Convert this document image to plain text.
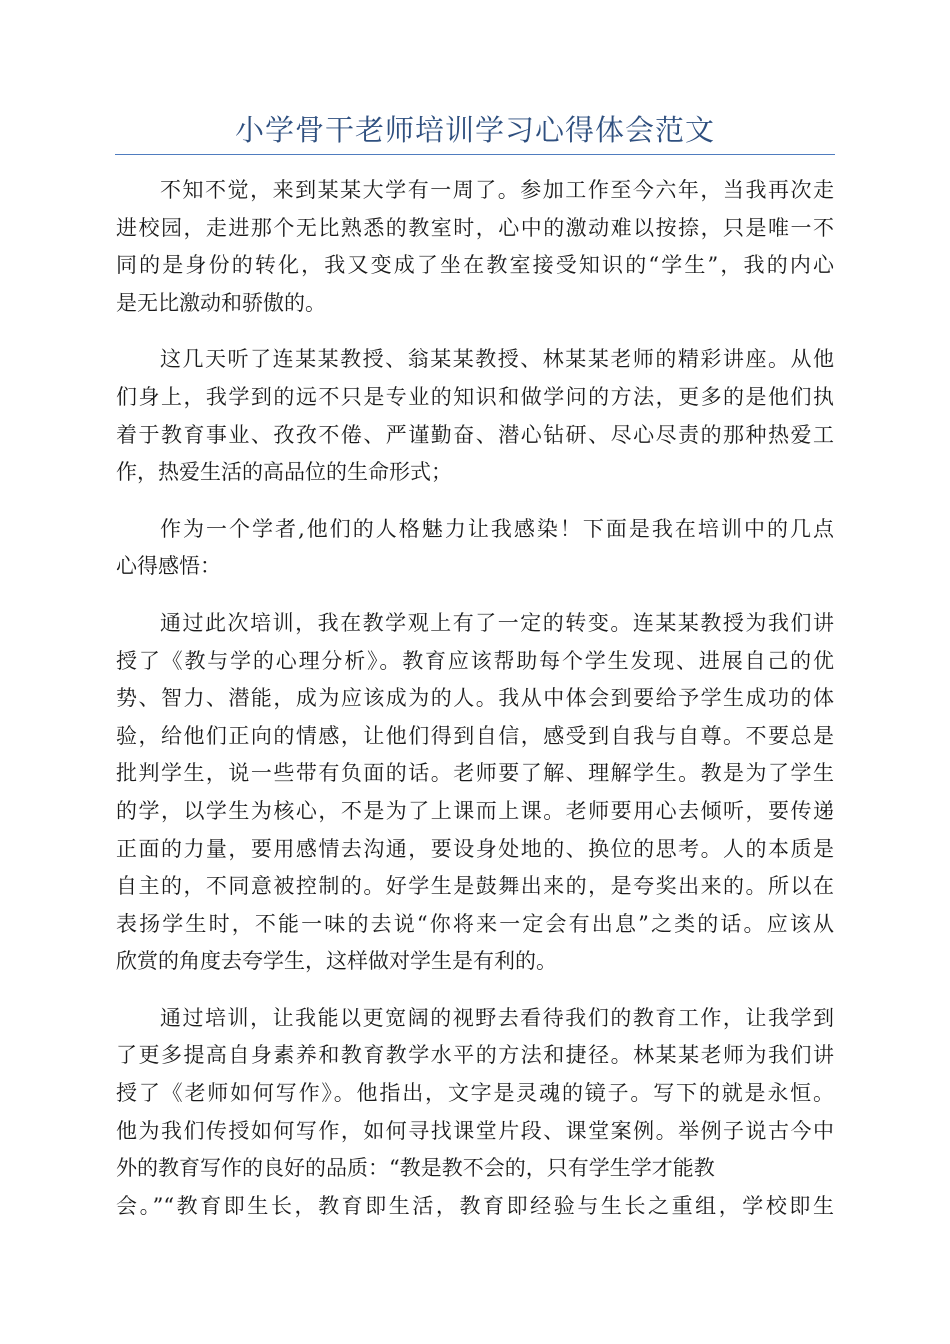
小学骨干老师培训学习心得体会范文

不知不觉，来到某某大学有一周了。参加工作至今六年，当我再次走
进校园，走进那个无比熟悉的教室时，心中的激动难以按捺，只是唯一不
同的是身份的转化，我又变成了坐在教室接受知识的“学生”，我的内心
是无比激动和骄傲的。

这几天听了连某某教授、翁某某教授、林某某老师的精彩讲座。从他
们身上，我学到的远不只是专业的知识和做学问的方法，更多的是他们执
着于教育事业、孜孜不倦、严谨勤奋、潜心钻研、尽心尽责的那种热爱工
作，热爱生活的高品位的生命形式；

作为一个学者,他们的人格魅力让我感染！下面是我在培训中的几点
心得感悟：

通过此次培训，我在教学观上有了一定的转变。连某某教授为我们讲
授了《教与学的心理分析》。教育应该帮助每个学生发现、进展自己的优
势、智力、潜能，成为应该成为的人。我从中体会到要给予学生成功的体
验，给他们正向的情感，让他们得到自信，感受到自我与自尊。不要总是
批判学生，说一些带有负面的话。老师要了解、理解学生。教是为了学生
的学，以学生为核心，不是为了上课而上课。老师要用心去倾听，要传递
正面的力量，要用感情去沟通，要设身处地的、换位的思考。人的本质是
自主的，不同意被控制的。好学生是鼓舞出来的，是夸奖出来的。所以在
表扬学生时，不能一味的去说“你将来一定会有出息”之类的话。应该从
欣赏的角度去夸学生，这样做对学生是有利的。

通过培训，让我能以更宽阔的视野去看待我们的教育工作，让我学到
了更多提高自身素养和教育教学水平的方法和捷径。林某某老师为我们讲
授了《老师如何写作》。他指出，文字是灵魂的镜子。写下的就是永恒。
他为我们传授如何写作，如何寻找课堂片段、课堂案例。举例子说古今中
外的教育写作的良好的品质：“教是教不会的，只有学生学才能教
会。”“教育即生长，教育即生活，教育即经验与生长之重组，学校即生
